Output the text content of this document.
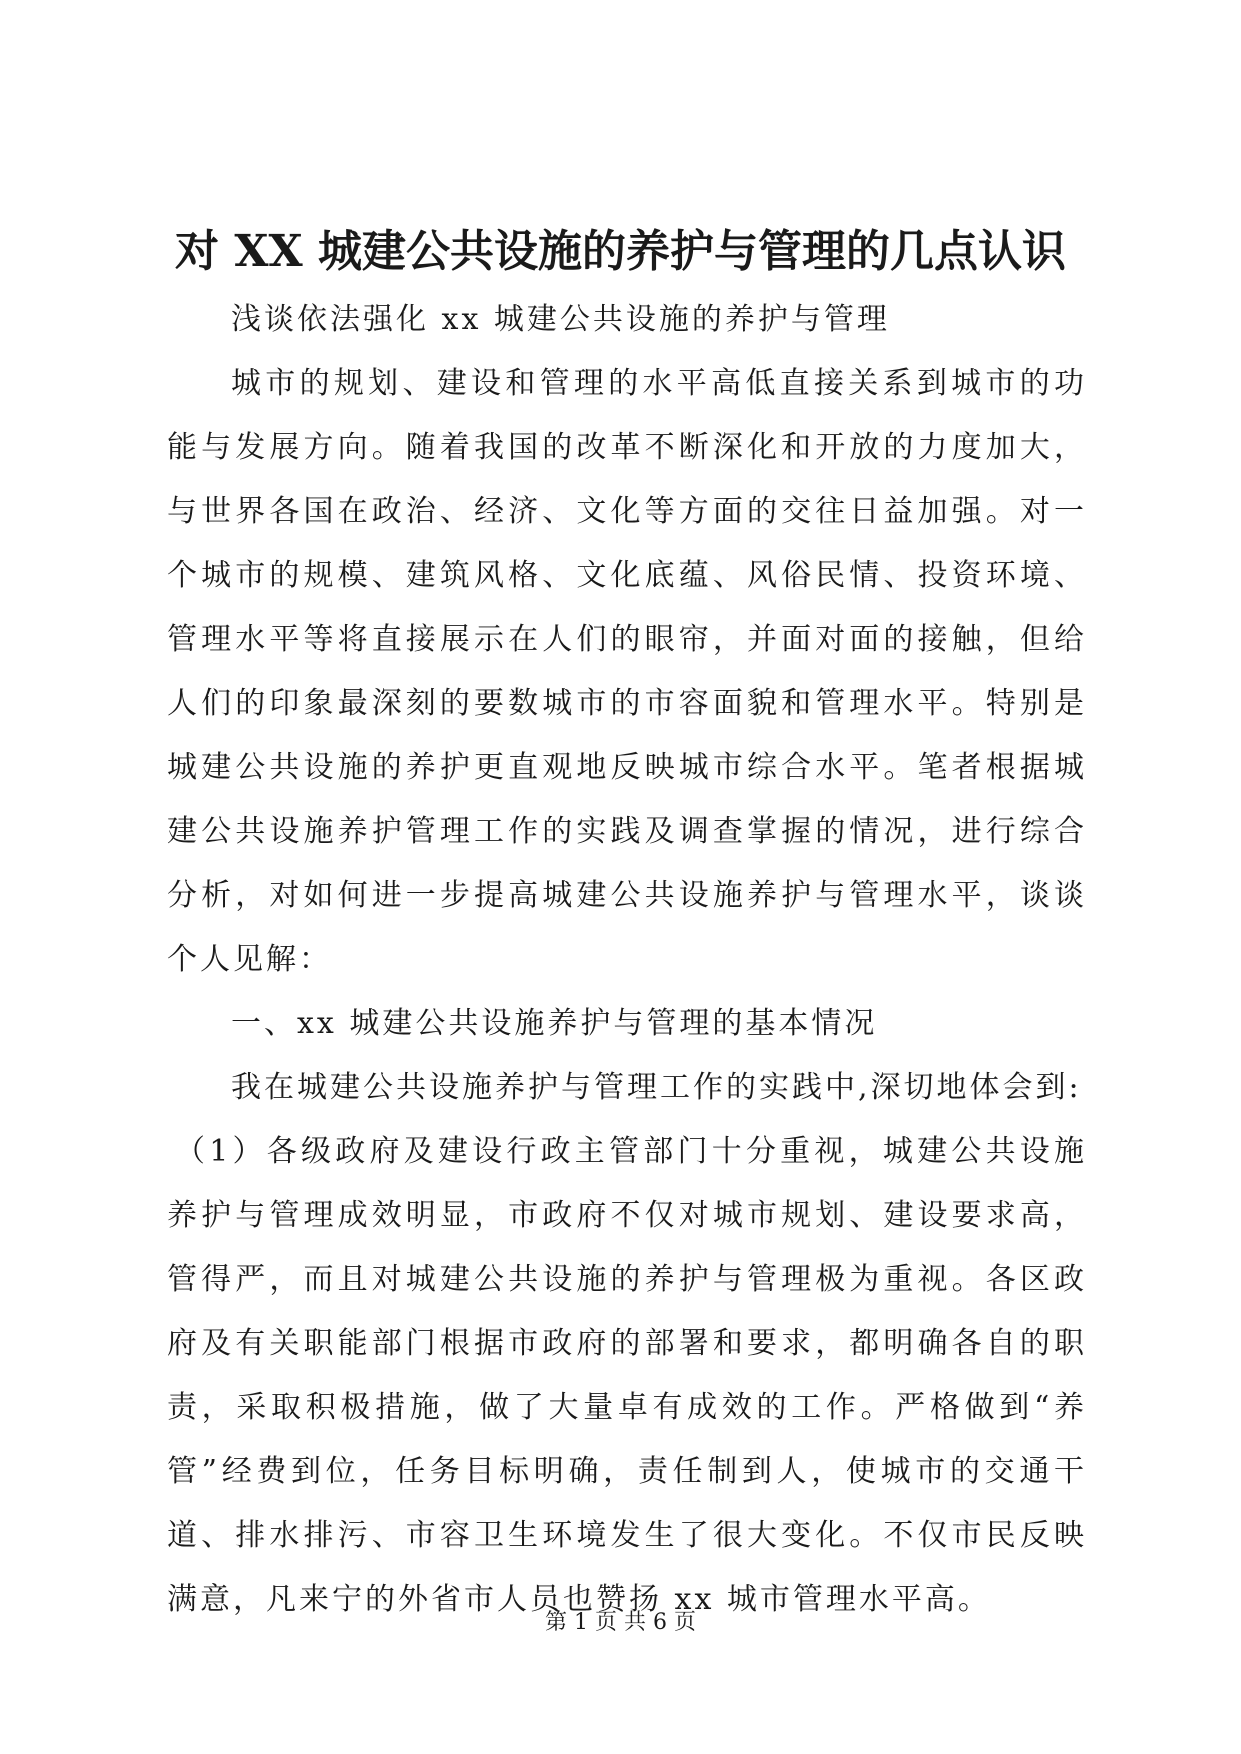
对 XX 城建公共设施的养护与管理的几点认识

浅谈依法强化 xx 城建公共设施的养护与管理

城市的规划、建设和管理的水平高低直接关系到城市的功能与发展方向。随着我国的改革不断深化和开放的力度加大，与世界各国在政治、经济、文化等方面的交往日益加强。对一个城市的规模、建筑风格、文化底蕴、风俗民情、投资环境、管理水平等将直接展示在人们的眼帘，并面对面的接触，但给人们的印象最深刻的要数城市的市容面貌和管理水平。特别是城建公共设施的养护更直观地反映城市综合水平。笔者根据城建公共设施养护管理工作的实践及调查掌握的情况，进行综合分析，对如何进一步提高城建公共设施养护与管理水平，谈谈个人见解：

一、xx 城建公共设施养护与管理的基本情况

我在城建公共设施养护与管理工作的实践中,深切地体会到:

（1）各级政府及建设行政主管部门十分重视，城建公共设施养护与管理成效明显，市政府不仅对城市规划、建设要求高，管得严，而且对城建公共设施的养护与管理极为重视。各区政府及有关职能部门根据市政府的部署和要求，都明确各自的职责，采取积极措施，做了大量卓有成效的工作。严格做到“养管”经费到位，任务目标明确，责任制到人，使城市的交通干道、排水排污、市容卫生环境发生了很大变化。不仅市民反映满意，凡来宁的外省市人员也赞扬 xx 城市管理水平高。

第 1 页 共 6 页
